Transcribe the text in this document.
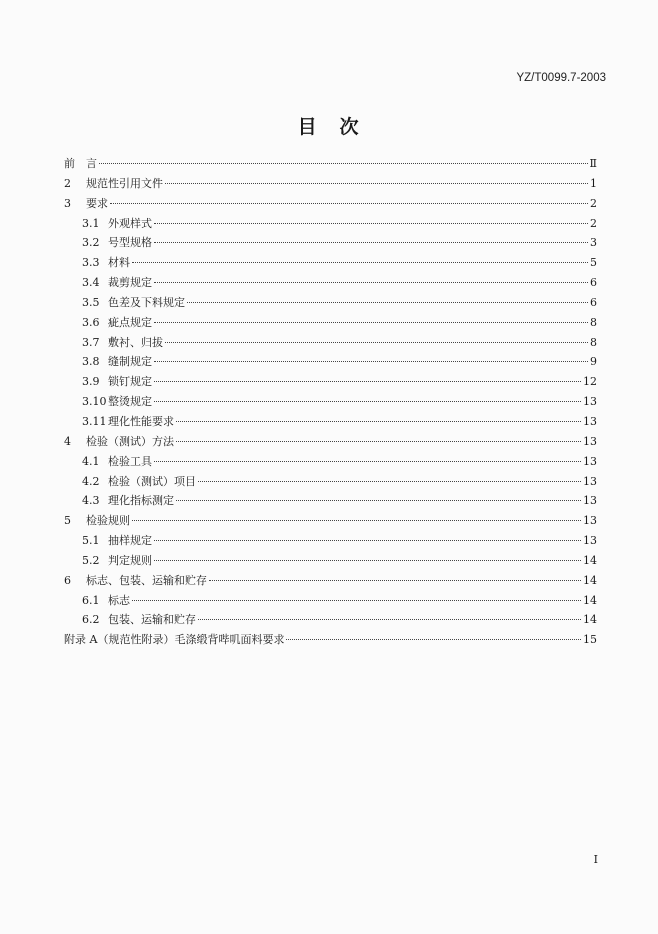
YZ/T0099.7-2003
目　次
前　言	Ⅱ
2	规范性引用文件	1
3	要求	2
3.1 外观样式	2
3.2 号型规格	3
3.3 材料	5
3.4 裁剪规定	6
3.5 色差及下料规定	6
3.6 疵点规定	8
3.7 敷衬、归拔	8
3.8 缝制规定	9
3.9 锁钉规定	12
3.10 整烫规定	13
3.11 理化性能要求	13
4	检验（测试）方法	13
4.1 检验工具	13
4.2 检验（测试）项目	13
4.3 理化指标测定	13
5	检验规则	13
5.1 抽样规定	13
5.2 判定规则	14
6	标志、包装、运输和贮存	14
6.1 标志	14
6.2 包装、运输和贮存	14
附录 A（规范性附录）毛涤缎背哔叽面料要求	15
I
